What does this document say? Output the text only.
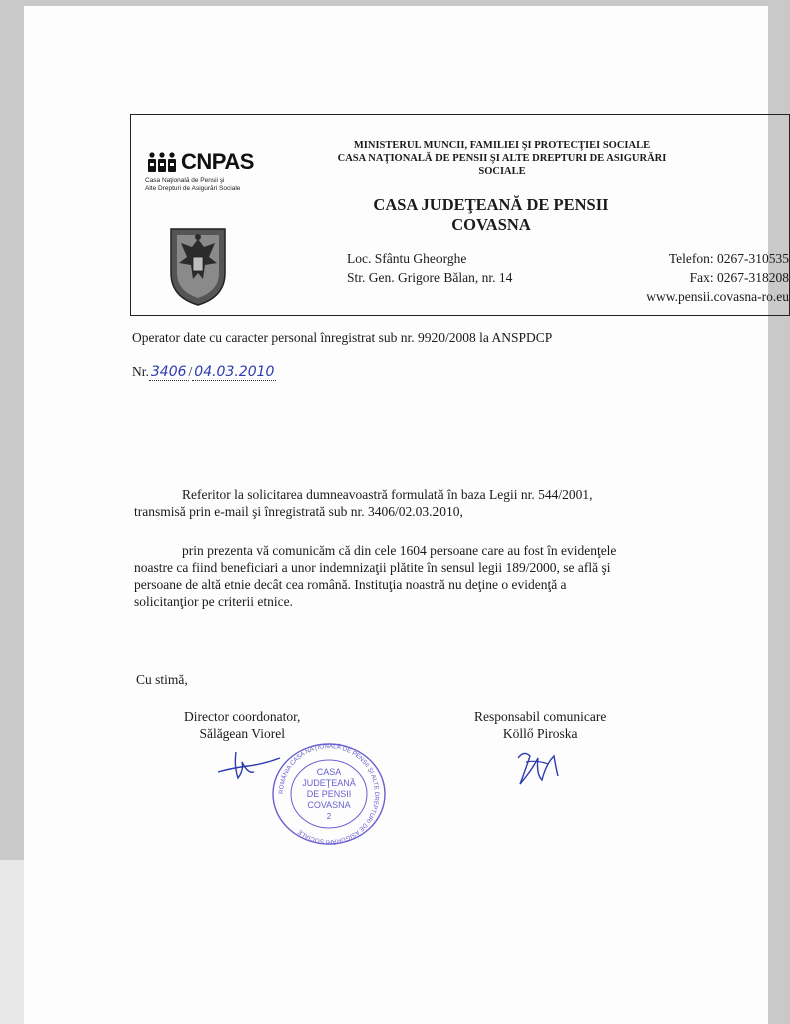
CNPAS
Casa Naţională de Pensii şi
Alte Drepturi de Asigurări Sociale
MINISTERUL MUNCII, FAMILIEI ŞI PROTECŢIEI SOCIALE
CASA NAŢIONALĂ DE PENSII ŞI ALTE DREPTURI DE ASIGURĂRI
SOCIALE
CASA JUDEŢEANĂ DE PENSII
COVASNA
Loc. Sfântu Gheorghe
Str. Gen. Grigore Bălan, nr. 14
Telefon: 0267-310535
Fax: 0267-318208
www.pensii.covasna-ro.eu
Operator date cu caracter personal înregistrat sub nr. 9920/2008 la ANSPDCP
Nr. 3406 / 04.03.2010
Referitor la solicitarea dumneavoastră formulată în baza Legii nr. 544/2001,
transmisă prin e-mail şi înregistrată sub nr. 3406/02.03.2010,
prin prezenta vă comunicăm că din cele 1604 persoane care au fost în evidenţele
noastre ca fiind beneficiari a unor indemnizaţii plătite în sensul legii 189/2000, se află şi
persoane de altă etnie decât cea română. Instituţia noastră nu deţine o evidenţă a
solicitanţior pe criterii etnice.
Cu stimă,
Director coordonator,
Sălăgean Viorel
Responsabil comunicare
Köllő Piroska
ROMÂNIA CASA NAŢIONALĂ DE PENSII ŞI ALTE DREPTURI DE ASIGURĂRI SOCIALE
CASA
JUDEŢEANĂ
DE PENSII
COVASNA
2
